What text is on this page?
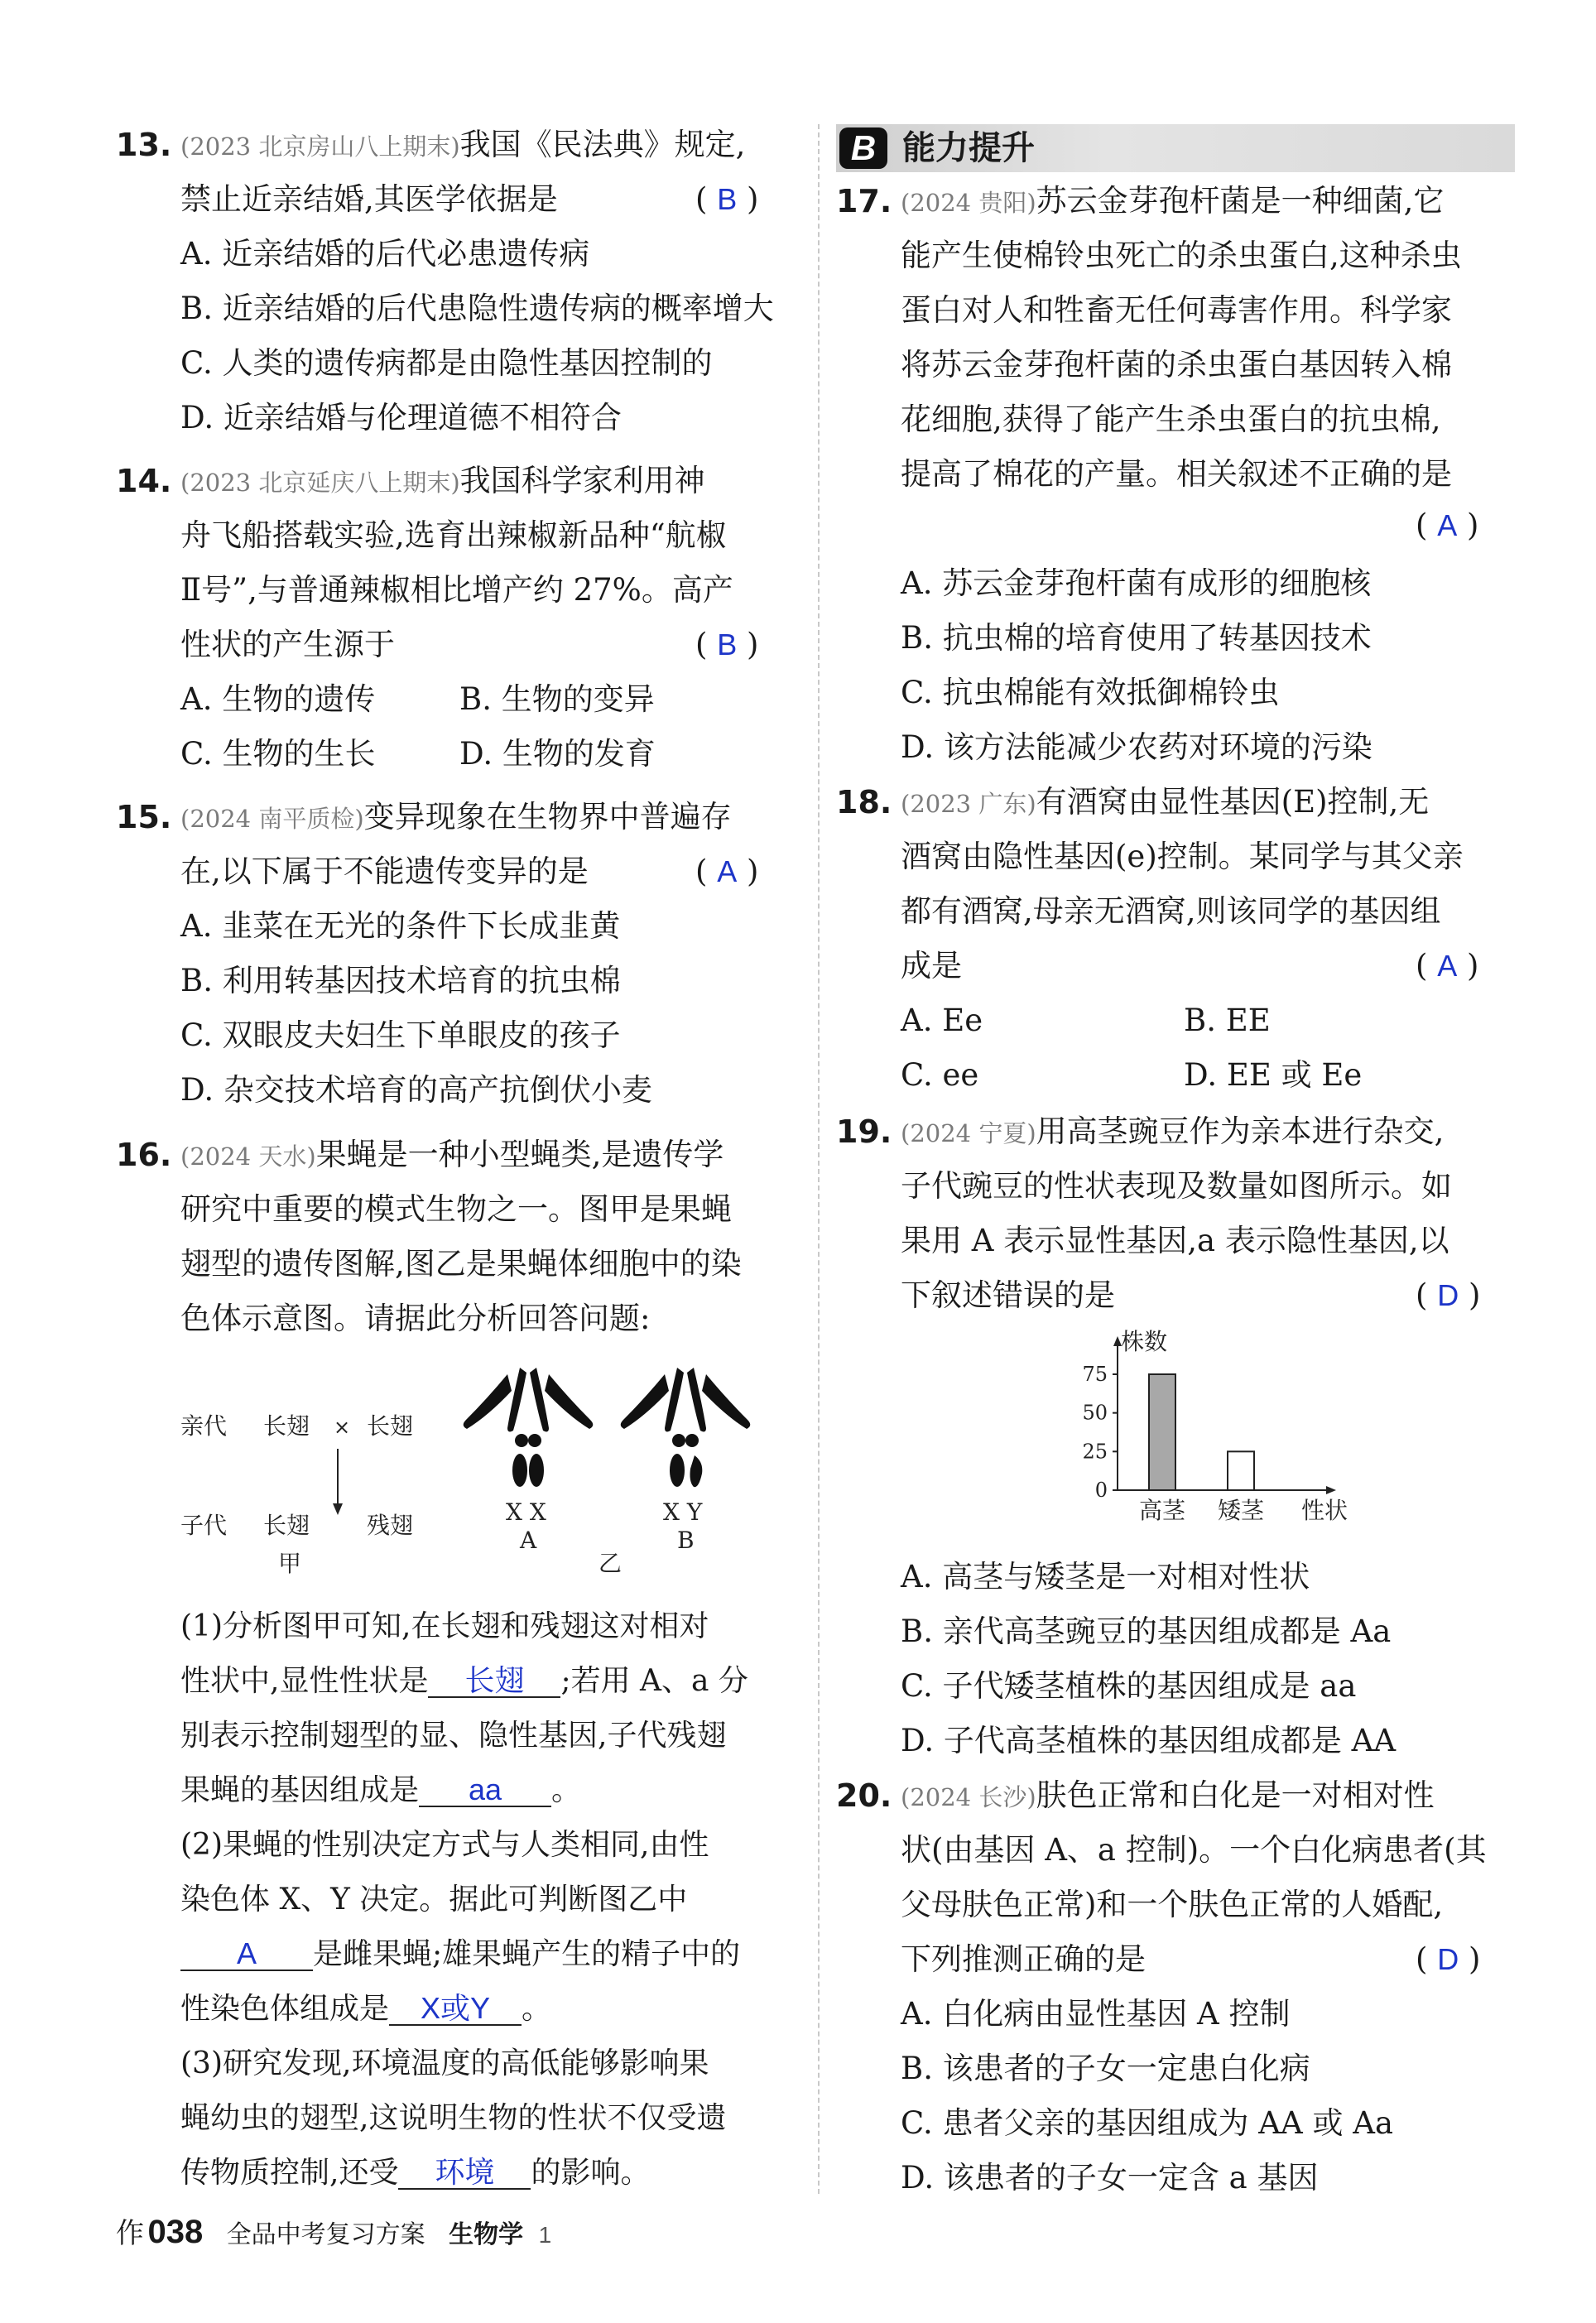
13. (2023 北京房山八上期末)我国《民法典》规定,
禁止近亲结婚,其医学依据是	( B )
A. 近亲结婚的后代必患遗传病
B. 近亲结婚的后代患隐性遗传病的概率增大
C. 人类的遗传病都是由隐性基因控制的
D. 近亲结婚与伦理道德不相符合
14. (2023 北京延庆八上期末)我国科学家利用神
舟飞船搭载实验,选育出辣椒新品种“航椒
Ⅱ号”,与普通辣椒相比增产约 27%。高产
性状的产生源于	( B )
A. 生物的遗传	B. 生物的变异
C. 生物的生长	D. 生物的发育
15. (2024 南平质检)变异现象在生物界中普遍存
在,以下属于不能遗传变异的是	( A )
A. 韭菜在无光的条件下长成韭黄
B. 利用转基因技术培育的抗虫棉
C. 双眼皮夫妇生下单眼皮的孩子
D. 杂交技术培育的高产抗倒伏小麦
16. (2024 天水)果蝇是一种小型蝇类,是遗传学
研究中重要的模式生物之一。图甲是果蝇
翅型的遗传图解,图乙是果蝇体细胞中的染
色体示意图。请据此分析回答问题:
亲代 长翅 × 长翅
子代 长翅 残翅
甲
X X
A
X Y
B
乙
(1)分析图甲可知,在长翅和残翅这对相对
性状中,显性性状是 长翅 ;若用 A、a 分
别表示控制翅型的显、隐性基因,子代残翅
果蝇的基因组成是 aa 。
(2)果蝇的性别决定方式与人类相同,由性
染色体 X、Y 决定。据此可判断图乙中
A 是雌果蝇;雄果蝇产生的精子中的
性染色体组成是 X或Y 。
(3)研究发现,环境温度的高低能够影响果
蝇幼虫的翅型,这说明生物的性状不仅受遗
传物质控制,还受 环境 的影响。
B 能力提升
17. (2024 贵阳)苏云金芽孢杆菌是一种细菌,它
能产生使棉铃虫死亡的杀虫蛋白,这种杀虫
蛋白对人和牲畜无任何毒害作用。科学家
将苏云金芽孢杆菌的杀虫蛋白基因转入棉
花细胞,获得了能产生杀虫蛋白的抗虫棉,
提高了棉花的产量。相关叙述不正确的是
( A )
A. 苏云金芽孢杆菌有成形的细胞核
B. 抗虫棉的培育使用了转基因技术
C. 抗虫棉能有效抵御棉铃虫
D. 该方法能减少农药对环境的污染
18. (2023 广东)有酒窝由显性基因(E)控制,无
酒窝由隐性基因(e)控制。某同学与其父亲
都有酒窝,母亲无酒窝,则该同学的基因组
成是	( A )
A. Ee	B. EE
C. ee	D. EE 或 Ee
19. (2024 宁夏)用高茎豌豆作为亲本进行杂交,
子代豌豆的性状表现及数量如图所示。如
果用 A 表示显性基因,a 表示隐性基因,以
下叙述错误的是	( D )
株数
0
25
50
75
高茎 矮茎 性状
A. 高茎与矮茎是一对相对性状
B. 亲代高茎豌豆的基因组成都是 Aa
C. 子代矮茎植株的基因组成是 aa
D. 子代高茎植株的基因组成都是 AA
20. (2024 长沙)肤色正常和白化是一对相对性
状(由基因 A、a 控制)。一个白化病患者(其
父母肤色正常)和一个肤色正常的人婚配,
下列推测正确的是	( D )
A. 白化病由显性基因 A 控制
B. 该患者的子女一定患白化病
C. 患者父亲的基因组成为 AA 或 Aa
D. 该患者的子女一定含 a 基因
作 038 全品中考复习方案 生物学 1
